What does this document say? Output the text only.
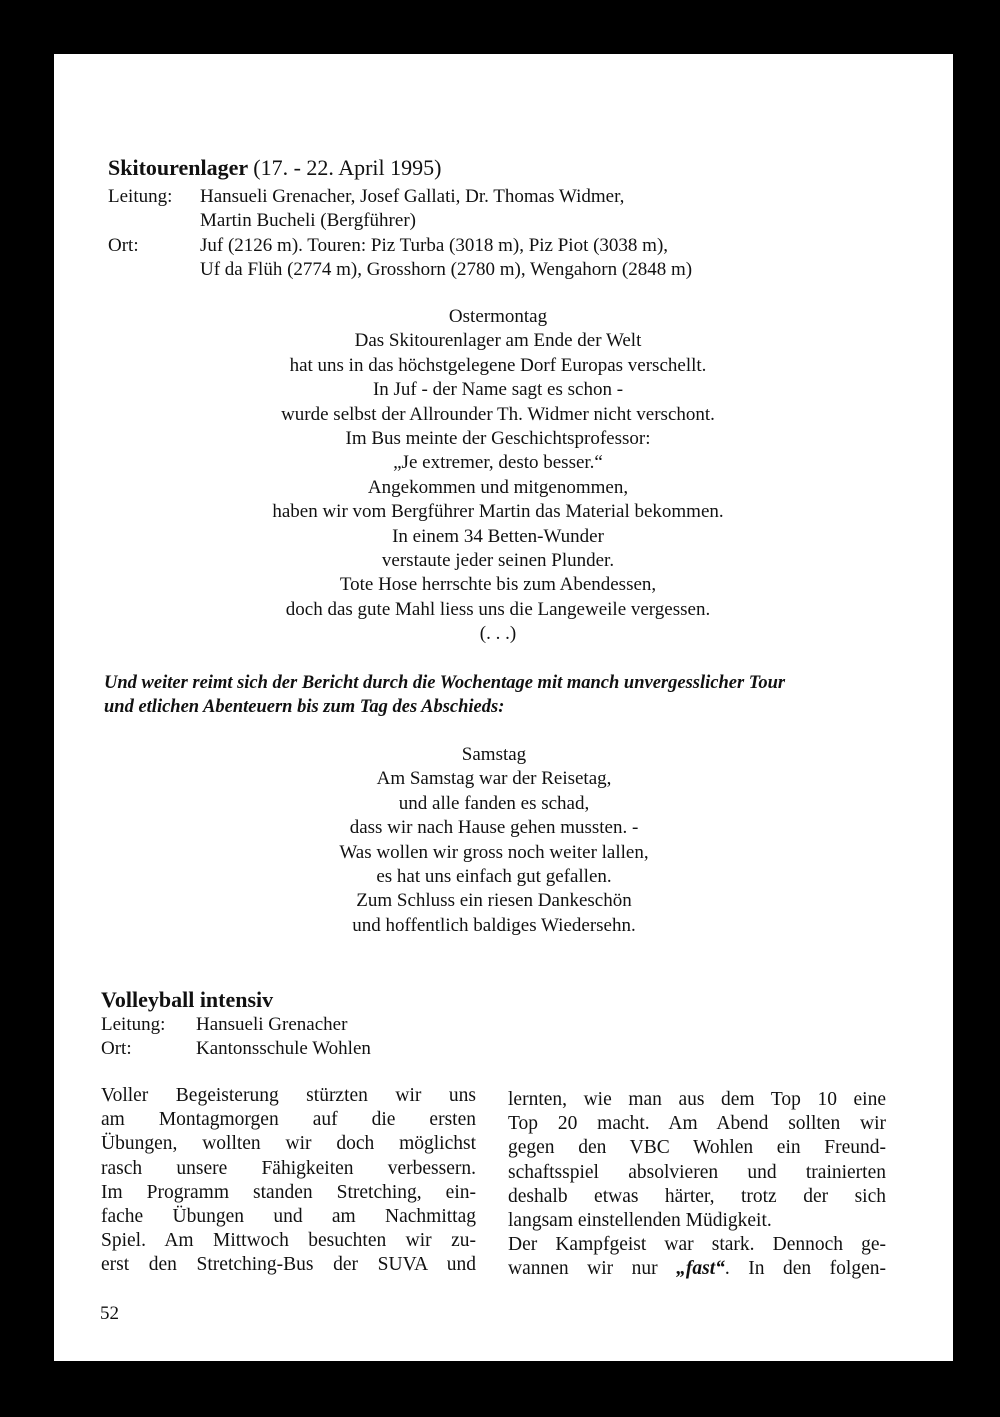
Skitourenlager (17. - 22. April 1995)
Leitung: Hansueli Grenacher, Josef Gallati, Dr. Thomas Widmer,
Martin Bucheli (Bergführer)
Ort:	Juf (2126 m). Touren: Piz Turba (3018 m), Piz Piot (3038 m),
Uf da Flüh (2774 m), Grosshorn (2780 m), Wengahorn (2848 m)
Ostermontag
Das Skitourenlager am Ende der Welt
hat uns in das höchstgelegene Dorf Europas verschellt.
In Juf - der Name sagt es schon -
wurde selbst der Allrounder Th. Widmer nicht verschont.
Im Bus meinte der Geschichtsprofessor:
„Je extremer, desto besser.“
Angekommen und mitgenommen,
haben wir vom Bergführer Martin das Material bekommen.
In einem 34 Betten-Wunder
verstaute jeder seinen Plunder.
Tote Hose herrschte bis zum Abendessen,
doch das gute Mahl liess uns die Langeweile vergessen.
(. . .)
Und weiter reimt sich der Bericht durch die Wochentage mit manch unvergesslicher Tour
und etlichen Abenteuern bis zum Tag des Abschieds:
Samstag
Am Samstag war der Reisetag,
und alle fanden es schad,
dass wir nach Hause gehen mussten. -
Was wollen wir gross noch weiter lallen,
es hat uns einfach gut gefallen.
Zum Schluss ein riesen Dankeschön
und hoffentlich baldiges Wiedersehn.
Volleyball intensiv
Leitung: Hansueli Grenacher
Ort:	Kantonsschule Wohlen
Voller Begeisterung stürzten wir uns
am Montagmorgen auf die ersten
Übungen, wollten wir doch möglichst
rasch unsere Fähigkeiten verbessern.
Im Programm standen Stretching, ein-
fache Übungen und am Nachmittag
Spiel. Am Mittwoch besuchten wir zu-
erst den Stretching-Bus der SUVA und
lernten, wie man aus dem Top 10 eine
Top 20 macht. Am Abend sollten wir
gegen den VBC Wohlen ein Freund-
schaftsspiel absolvieren und trainierten
deshalb etwas härter, trotz der sich
langsam einstellenden Müdigkeit.
Der Kampfgeist war stark. Dennoch ge-
wannen wir nur „fast“. In den folgen-
52
